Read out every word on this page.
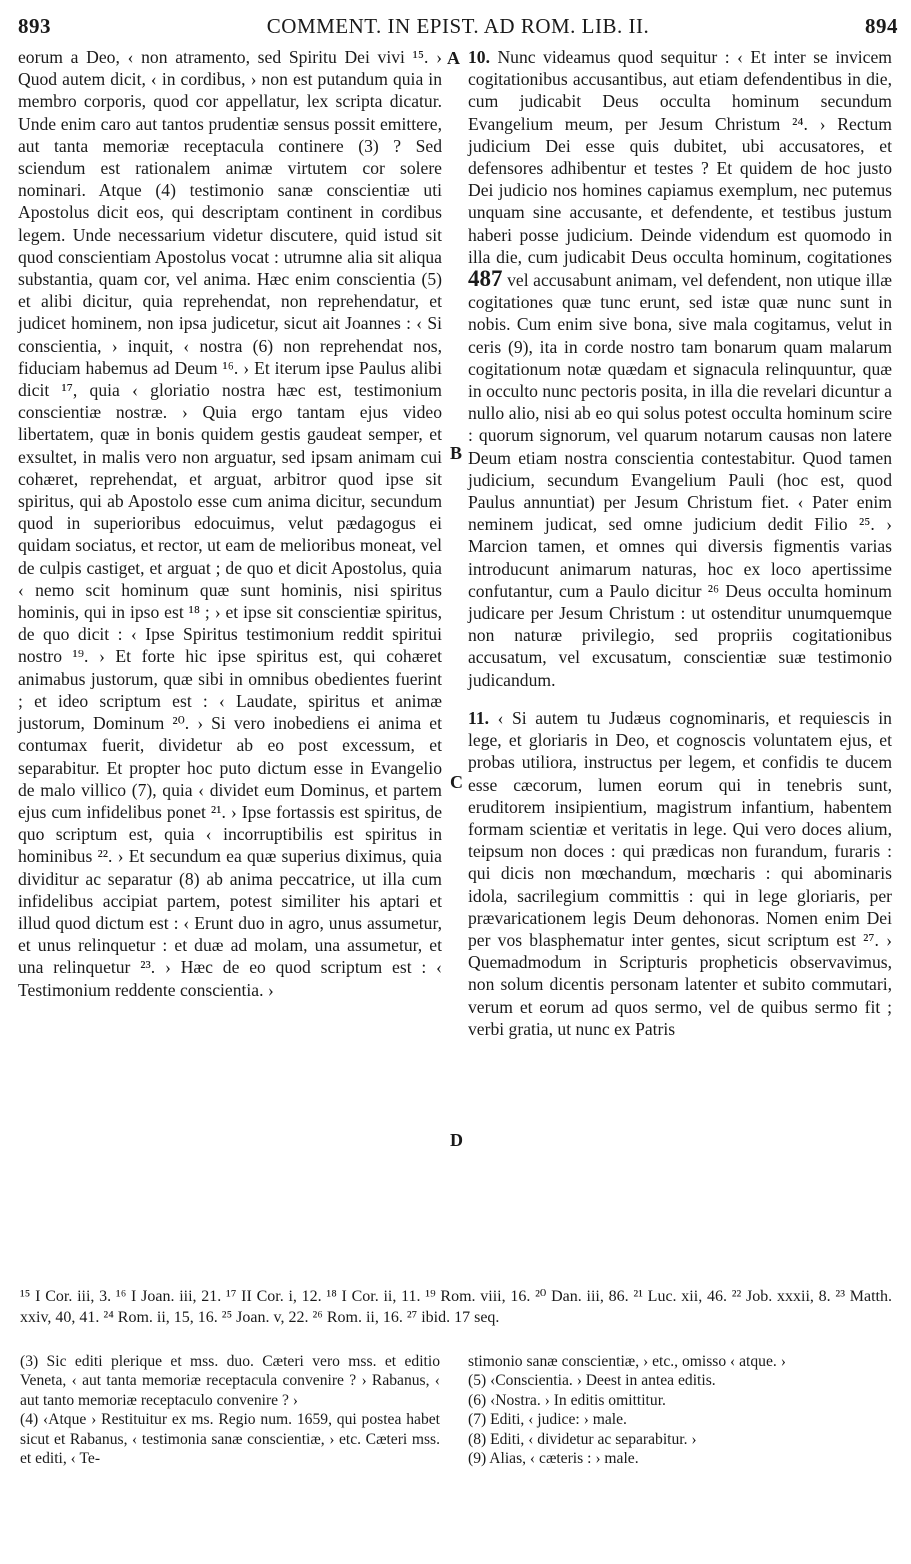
893	COMMENT. IN EPIST. AD ROM. LIB. II.	894

eorum a Deo, ‹ non atramento, sed Spiritu Dei vivi ¹⁵. › Quod autem dicit, ‹ in cordibus, › non est putandum quia in membro corporis, quod cor appellatur, lex scripta dicatur. Unde enim caro aut tantos prudentiæ sensus possit emittere, aut tanta memoriæ receptacula continere (3) ? Sed sciendum est rationalem animæ virtutem cor solere nominari. Atque (4) testimonio sanæ conscientiæ uti Apostolus dicit eos, qui descriptam continent in cordibus legem. Unde necessarium videtur discutere, quid istud sit quod conscientiam Apostolus vocat : utrumne alia sit aliqua substantia, quam cor, vel anima. Hæc enim conscientia (5) et alibi dicitur, quia reprehendat, non reprehendatur, et judicet hominem, non ipsa judicetur, sicut ait Joannes : ‹ Si conscientia, › inquit, ‹ nostra (6) non reprehendat nos, fiduciam habemus ad Deum ¹⁶. › Et iterum ipse Paulus alibi dicit ¹⁷, quia ‹ gloriatio nostra hæc est, testimonium conscientiæ nostræ. › Quia ergo tantam ejus video libertatem, quæ in bonis quidem gestis gaudeat semper, et exsultet, in malis vero non arguatur, sed ipsam animam cui cohæret, reprehendat, et arguat, arbitror quod ipse sit spiritus, qui ab Apostolo esse cum anima dicitur, secundum quod in superioribus edocuimus, velut pædagogus ei quidam sociatus, et rector, ut eam de melioribus moneat, vel de culpis castiget, et arguat ; de quo et dicit Apostolus, quia ‹ nemo scit hominum quæ sunt hominis, nisi spiritus hominis, qui in ipso est ¹⁸ ; › et ipse sit conscientiæ spiritus, de quo dicit : ‹ Ipse Spiritus testimonium reddit spiritui nostro ¹⁹. › Et forte hic ipse spiritus est, qui cohæret animabus justorum, quæ sibi in omnibus obedientes fuerint ; et ideo scriptum est : ‹ Laudate, spiritus et animæ justorum, Dominum ²⁰. › Si vero inobediens ei anima et contumax fuerit, dividetur ab eo post excessum, et separabitur. Et propter hoc puto dictum esse in Evangelio de malo villico (7), quia ‹ dividet eum Dominus, et partem ejus cum infidelibus ponet ²¹. › Ipse fortassis est spiritus, de quo scriptum est, quia ‹ incorruptibilis est spiritus in hominibus ²². › Et secundum ea quæ superius diximus, quia dividitur ac separatur (8) ab anima peccatrice, ut illa cum infidelibus accipiat partem, potest similiter his aptari et illud quod dictum est : ‹ Erunt duo in agro, unus assumetur, et unus relinquetur : et duæ ad molam, una assumetur, et una relinquetur ²³. › Hæc de eo quod scriptum est : ‹ Testimonium reddente conscientia. ›

A
B
C
D

10. Nunc videamus quod sequitur : ‹ Et inter se invicem cogitationibus accusantibus, aut etiam defendentibus in die, cum judicabit Deus occulta hominum secundum Evangelium meum, per Jesum Christum ²⁴. › Rectum judicium Dei esse quis dubitet, ubi accusatores, et defensores adhibentur et testes ? Et quidem de hoc justo Dei judicio nos homines capiamus exemplum, nec putemus unquam sine accusante, et defendente, et testibus justum haberi posse judicium. Deinde videndum est quomodo in illa die, cum judicabit Deus occulta hominum, cogitationes 487 vel accusabunt animam, vel defendent, non utique illæ cogitationes quæ tunc erunt, sed istæ quæ nunc sunt in nobis. Cum enim sive bona, sive mala cogitamus, velut in ceris (9), ita in corde nostro tam bonarum quam malarum cogitationum notæ quædam et signacula relinquuntur, quæ in occulto nunc pectoris posita, in illa die revelari dicuntur a nullo alio, nisi ab eo qui solus potest occulta hominum scire : quorum signorum, vel quarum notarum causas non latere Deum etiam nostra conscientia contestabitur. Quod tamen judicium, secundum Evangelium Pauli (hoc est, quod Paulus annuntiat) per Jesum Christum fiet. ‹ Pater enim neminem judicat, sed omne judicium dedit Filio ²⁵. › Marcion tamen, et omnes qui diversis figmentis varias introducunt animarum naturas, hoc ex loco apertissime confutantur, cum a Paulo dicitur ²⁶ Deus occulta hominum judicare per Jesum Christum : ut ostenditur unumquemque non naturæ privilegio, sed propriis cogitationibus accusatum, vel excusatum, conscientiæ suæ testimonio judicandum.

11. ‹ Si autem tu Judæus cognominaris, et requiescis in lege, et gloriaris in Deo, et cognoscis voluntatem ejus, et probas utiliora, instructus per legem, et confidis te ducem esse cæcorum, lumen eorum qui in tenebris sunt, eruditorem insipientium, magistrum infantium, habentem formam scientiæ et veritatis in lege. Qui vero doces alium, teipsum non doces : qui prædicas non furandum, furaris : qui dicis non mœchandum, mœcharis : qui abominaris idola, sacrilegium committis : qui in lege gloriaris, per prævaricationem legis Deum dehonoras. Nomen enim Dei per vos blasphematur inter gentes, sicut scriptum est ²⁷. › Quemadmodum in Scripturis propheticis observavimus, non solum dicentis personam latenter et subito commutari, verum et eorum ad quos sermo, vel de quibus sermo fit ; verbi gratia, ut nunc ex Patris

¹⁵ I Cor. iii, 3. ¹⁶ I Joan. iii, 21. ¹⁷ II Cor. i, 12. ¹⁸ I Cor. ii, 11. ¹⁹ Rom. viii, 16. ²⁰ Dan. iii, 86. ²¹ Luc. xii, 46. ²² Job. xxxii, 8. ²³ Matth. xxiv, 40, 41. ²⁴ Rom. ii, 15, 16. ²⁵ Joan. v, 22. ²⁶ Rom. ii, 16. ²⁷ ibid. 17 seq.

(3) Sic editi plerique et mss. duo. Cæteri vero mss. et editio Veneta, ‹ aut tanta memoriæ receptacula convenire ? › Rabanus, ‹ aut tanto memoriæ receptaculo convenire ? ›

(4) ‹Atque › Restituitur ex ms. Regio num. 1659, qui postea habet sicut et Rabanus, ‹ testimonia sanæ conscientiæ, › etc. Cæteri mss. et editi, ‹ Te-

stimonio sanæ conscientiæ, › etc., omisso ‹ atque. ›

(5) ‹Conscientia. › Deest in antea editis.

(6) ‹Nostra. › In editis omittitur.

(7) Editi, ‹ judice: › male.

(8) Editi, ‹ dividetur ac separabitur. ›

(9) Alias, ‹ cæteris : › male.
